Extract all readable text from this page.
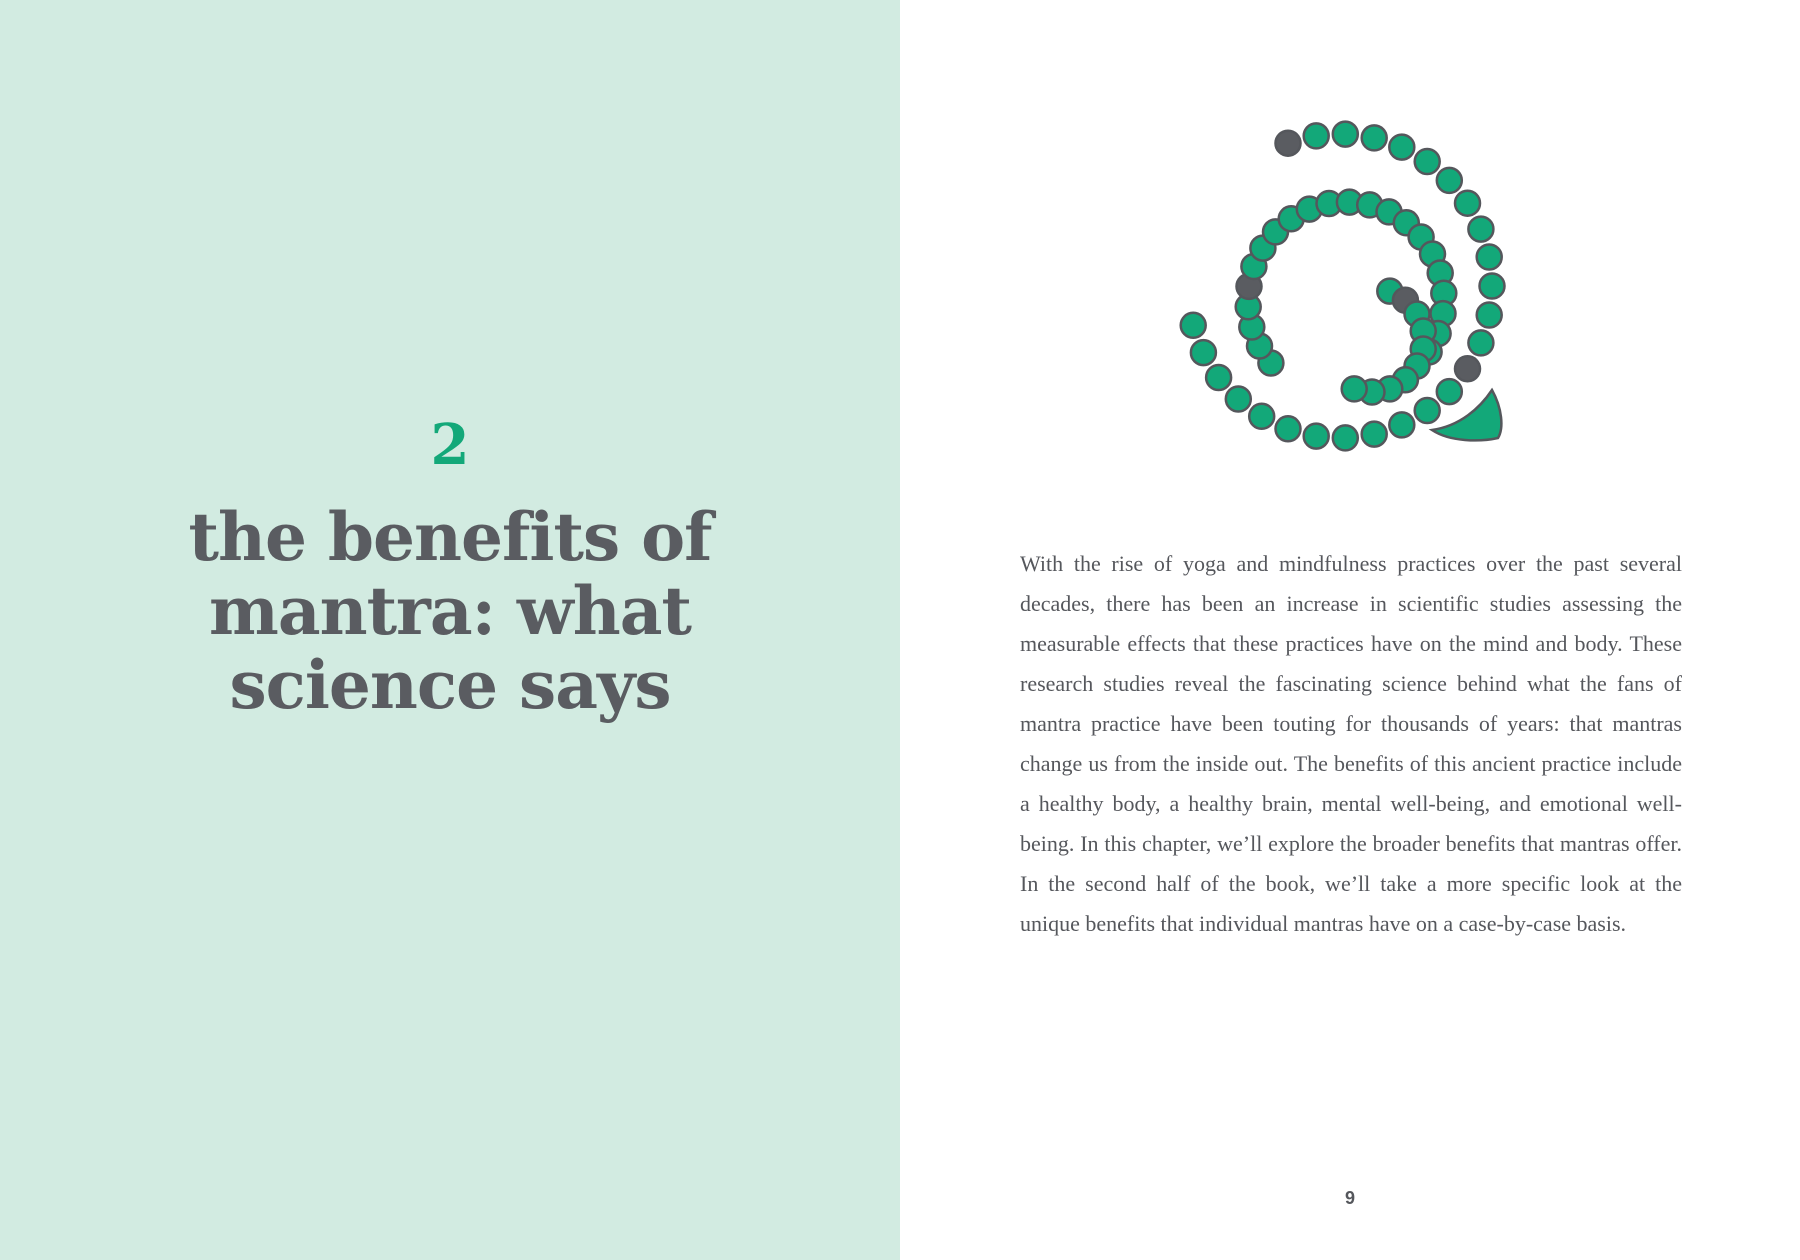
2
the benefits of mantra: what science says

With the rise of yoga and mindfulness practices over the past several decades, there has been an increase in scientific studies assessing the measurable effects that these practices have on the mind and body. These research studies reveal the fascinating science behind what the fans of mantra practice have been touting for thousands of years: that mantras change us from the inside out. The benefits of this ancient practice include a healthy body, a healthy brain, mental well-being, and emotional well-being. In this chapter, we’ll explore the broader benefits that mantras offer. In the second half of the book, we’ll take a more specific look at the unique benefits that individual mantras have on a case-by-case basis.

9
